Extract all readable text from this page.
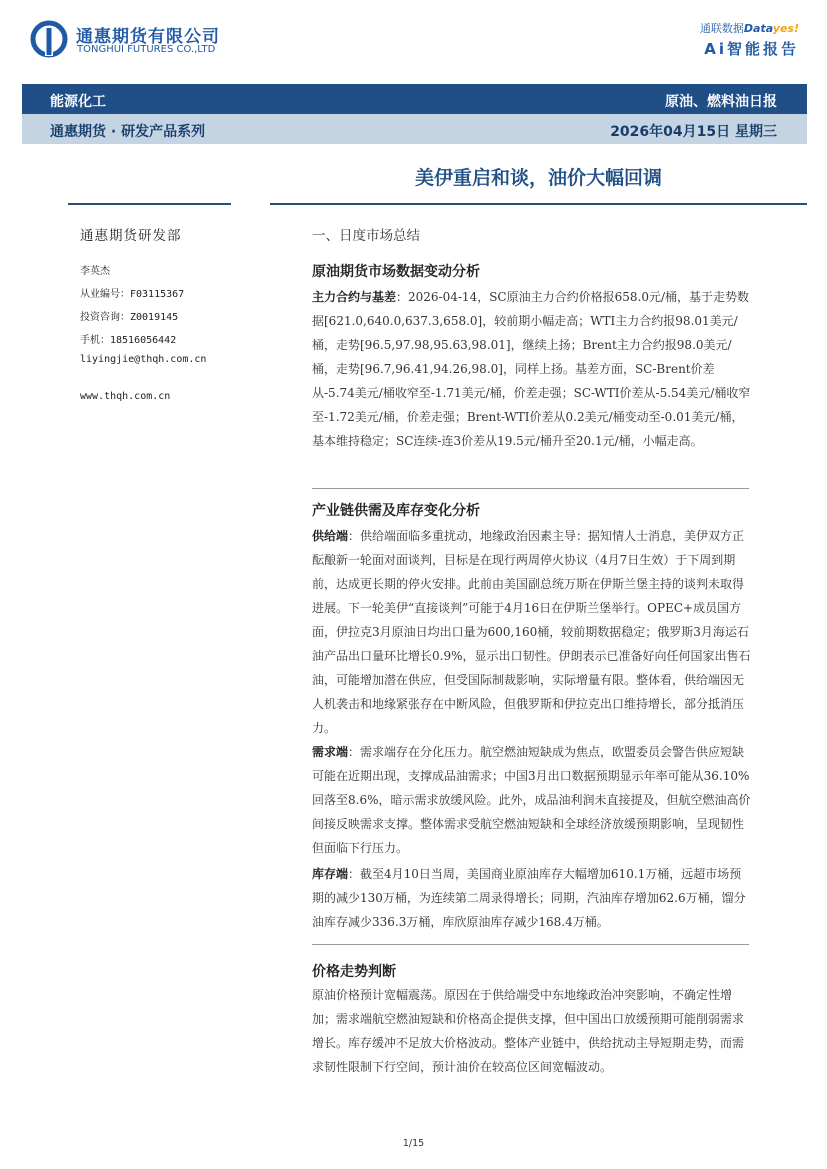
通惠期货有限公司
TONGHUI FUTURES CO.,LTD
通联数据Datayes!
Ai智能报告
能源化工	原油、燃料油日报
通惠期货 · 研发产品系列	2026年04月15日 星期三
美伊重启和谈，油价大幅回调
通惠期货研发部
李英杰
从业编号：F03115367
投资咨询：Z0019145
手机：18516056442
liyingjie@thqh.com.cn
www.thqh.com.cn
一、日度市场总结
原油期货市场数据变动分析
主力合约与基差：2026-04-14，SC原油主力合约价格报658.0元/桶，基于走势数据[621.0,640.0,637.3,658.0]，较前期小幅走高；WTI主力合约报98.01美元/桶，走势[96.5,97.98,95.63,98.01]，继续上扬；Brent主力合约报98.0美元/桶，走势[96.7,96.41,94.26,98.0]，同样上扬。基差方面，SC-Brent价差从-5.74美元/桶收窄至-1.71美元/桶，价差走强；SC-WTI价差从-5.54美元/桶收窄至-1.72美元/桶，价差走强；Brent-WTI价差从0.2美元/桶变动至-0.01美元/桶，基本维持稳定；SC连续-连3价差从19.5元/桶升至20.1元/桶，小幅走高。
产业链供需及库存变化分析
供给端：供给端面临多重扰动，地缘政治因素主导：据知情人士消息，美伊双方正酝酿新一轮面对面谈判，目标是在现行两周停火协议（4月7日生效）于下周到期前，达成更长期的停火安排。此前由美国副总统万斯在伊斯兰堡主持的谈判未取得进展。下一轮美伊“直接谈判”可能于4月16日在伊斯兰堡举行。OPEC+成员国方面，伊拉克3月原油日均出口量为600,160桶，较前期数据稳定；俄罗斯3月海运石油产品出口量环比增长0.9%，显示出口韧性。伊朗表示已准备好向任何国家出售石油，可能增加潜在供应，但受国际制裁影响，实际增量有限。整体看，供给端因无人机袭击和地缘紧张存在中断风险，但俄罗斯和伊拉克出口维持增长，部分抵消压力。
需求端：需求端存在分化压力。航空燃油短缺成为焦点，欧盟委员会警告供应短缺可能在近期出现，支撑成品油需求；中国3月出口数据预期显示年率可能从36.10%回落至8.6%，暗示需求放缓风险。此外，成品油利润未直接提及，但航空燃油高价间接反映需求支撑。整体需求受航空燃油短缺和全球经济放缓预期影响，呈现韧性但面临下行压力。
库存端：截至4月10日当周，美国商业原油库存大幅增加610.1万桶，远超市场预期的减少130万桶，为连续第二周录得增长；同期，汽油库存增加62.6万桶，馏分油库存减少336.3万桶，库欣原油库存减少168.4万桶。
价格走势判断
原油价格预计宽幅震荡。原因在于供给端受中东地缘政治冲突影响，不确定性增加；需求端航空燃油短缺和价格高企提供支撑，但中国出口放缓预期可能削弱需求增长。库存缓冲不足放大价格波动。整体产业链中，供给扰动主导短期走势，而需求韧性限制下行空间，预计油价在较高位区间宽幅波动。
1/15
